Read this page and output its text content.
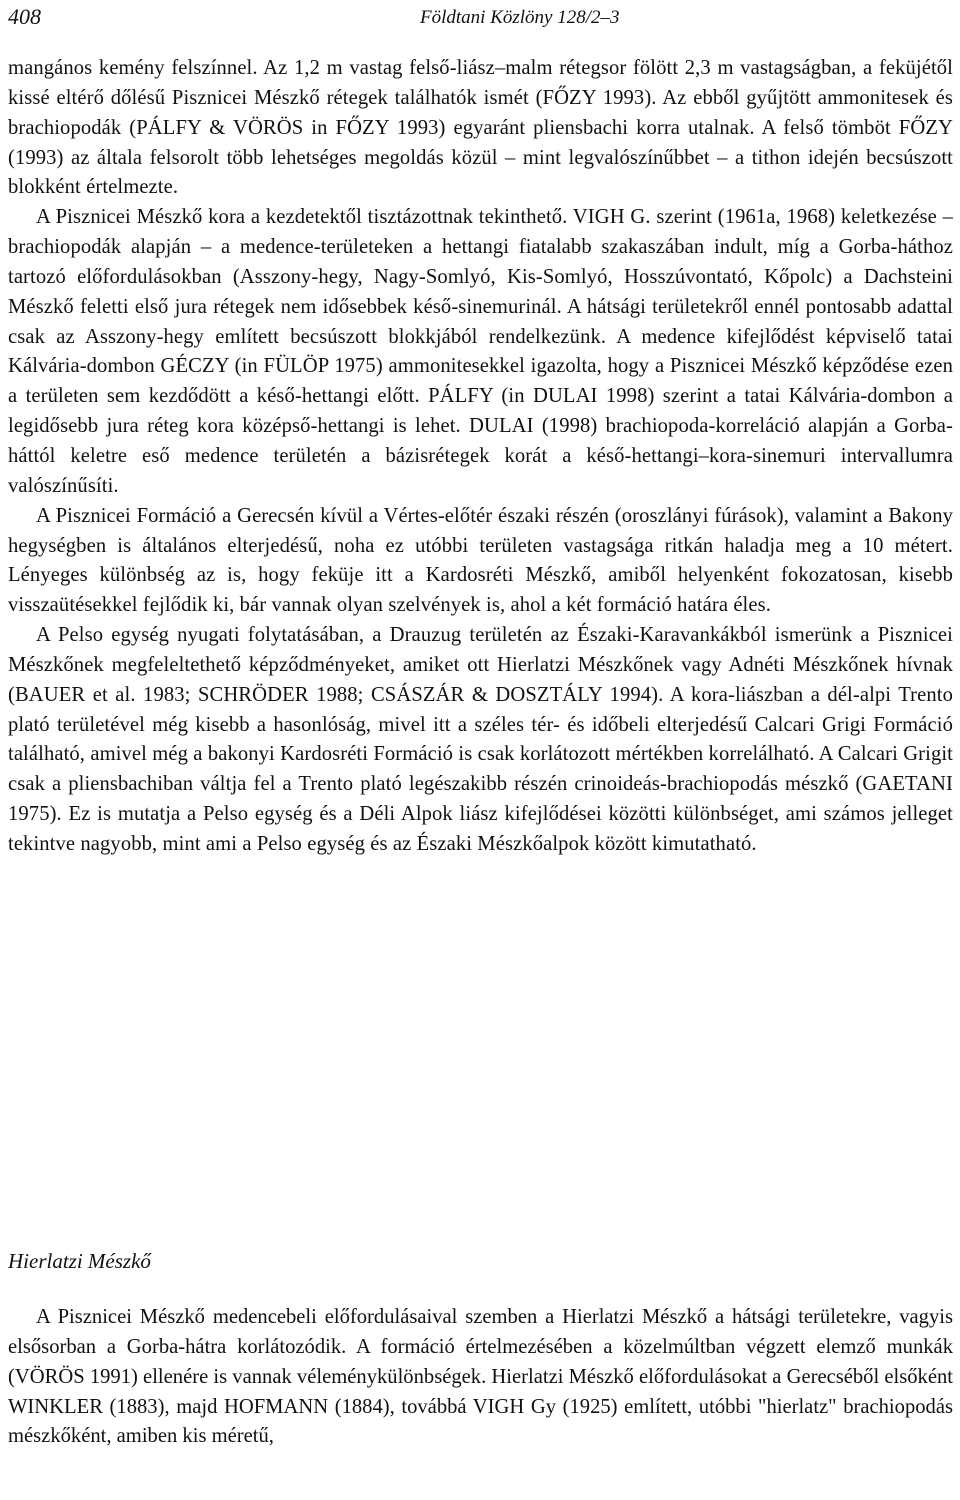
408	Földtani Közlöny 128/2–3

mangános kemény felszínnel. Az 1,2 m vastag felső-liász–malm rétegsor fölött 2,3 m vastagságban, a feküjétől kissé eltérő dőlésű Pisznicei Mészkő rétegek találhatók ismét (FŐZY 1993). Az ebből gyűjtött ammonitesek és brachiopodák (PÁLFY & VÖRÖS in FŐZY 1993) egyaránt pliensbachi korra utalnak. A felső tömböt FŐZY (1993) az általa felsorolt több lehetséges megoldás közül – mint legvalószínűbbet – a tithon idején becsúszott blokként értelmezte.

A Pisznicei Mészkő kora a kezdetektől tisztázottnak tekinthető. VIGH G. szerint (1961a, 1968) keletkezése – brachiopodák alapján – a medence-területeken a hettangi fiatalabb szakaszában indult, míg a Gorba-háthoz tartozó előfordulásokban (Asszony-hegy, Nagy-Somlyó, Kis-Somlyó, Hosszúvontató, Kőpolc) a Dachsteini Mészkő feletti első jura rétegek nem idősebbek késő-sinemurinál. A hátsági területekről ennél pontosabb adattal csak az Asszony-hegy említett becsúszott blokkjából rendelkezünk. A medence kifejlődést képviselő tatai Kálvária-dombon GÉCZY (in FÜLÖP 1975) ammonitesekkel igazolta, hogy a Pisznicei Mészkő képződése ezen a területen sem kezdődött a késő-hettangi előtt. PÁLFY (in DULAI 1998) szerint a tatai Kálvária-dombon a legidősebb jura réteg kora középső-hettangi is lehet. DULAI (1998) brachiopoda-korreláció alapján a Gorba-háttól keletre eső medence területén a bázisrétegek korát a késő-hettangi–kora-sinemuri intervallumra valószínűsíti.

A Pisznicei Formáció a Gerecsén kívül a Vértes-előtér északi részén (oroszlányi fúrások), valamint a Bakony hegységben is általános elterjedésű, noha ez utóbbi területen vastagsága ritkán haladja meg a 10 métert. Lényeges különbség az is, hogy feküje itt a Kardosréti Mészkő, amiből helyenként fokozatosan, kisebb visszaütésekkel fejlődik ki, bár vannak olyan szelvények is, ahol a két formáció határa éles.

A Pelso egység nyugati folytatásában, a Drauzug területén az Északi-Karavankákból ismerünk a Pisznicei Mészkőnek megfeleltethető képződményeket, amiket ott Hierlatzi Mészkőnek vagy Adnéti Mészkőnek hívnak (BAUER et al. 1983; SCHRÖDER 1988; CSÁSZÁR & DOSZTÁLY 1994). A kora-liászban a dél-alpi Trento plató területével még kisebb a hasonlóság, mivel itt a széles tér- és időbeli elterjedésű Calcari Grigi Formáció található, amivel még a bakonyi Kardosréti Formáció is csak korlátozott mértékben korrelálható. A Calcari Grigit csak a pliensbachiban váltja fel a Trento plató legészakibb részén crinoideás-brachiopodás mészkő (GAETANI 1975). Ez is mutatja a Pelso egység és a Déli Alpok liász kifejlődései közötti különbséget, ami számos jelleget tekintve nagyobb, mint ami a Pelso egység és az Északi Mészkőalpok között kimutatható.

Hierlatzi Mészkő

A Pisznicei Mészkő medencebeli előfordulásaival szemben a Hierlatzi Mészkő a hátsági területekre, vagyis elsősorban a Gorba-hátra korlátozódik. A formáció értelmezésében a közelmúltban végzett elemző munkák (VÖRÖS 1991) ellenére is vannak véleménykülönbségek. Hierlatzi Mészkő előfordulásokat a Gerecséből elsőként WINKLER (1883), majd HOFMANN (1884), továbbá VIGH Gy (1925) említett, utóbbi "hierlatz" brachiopodás mészkőként, amiben kis méretű,
